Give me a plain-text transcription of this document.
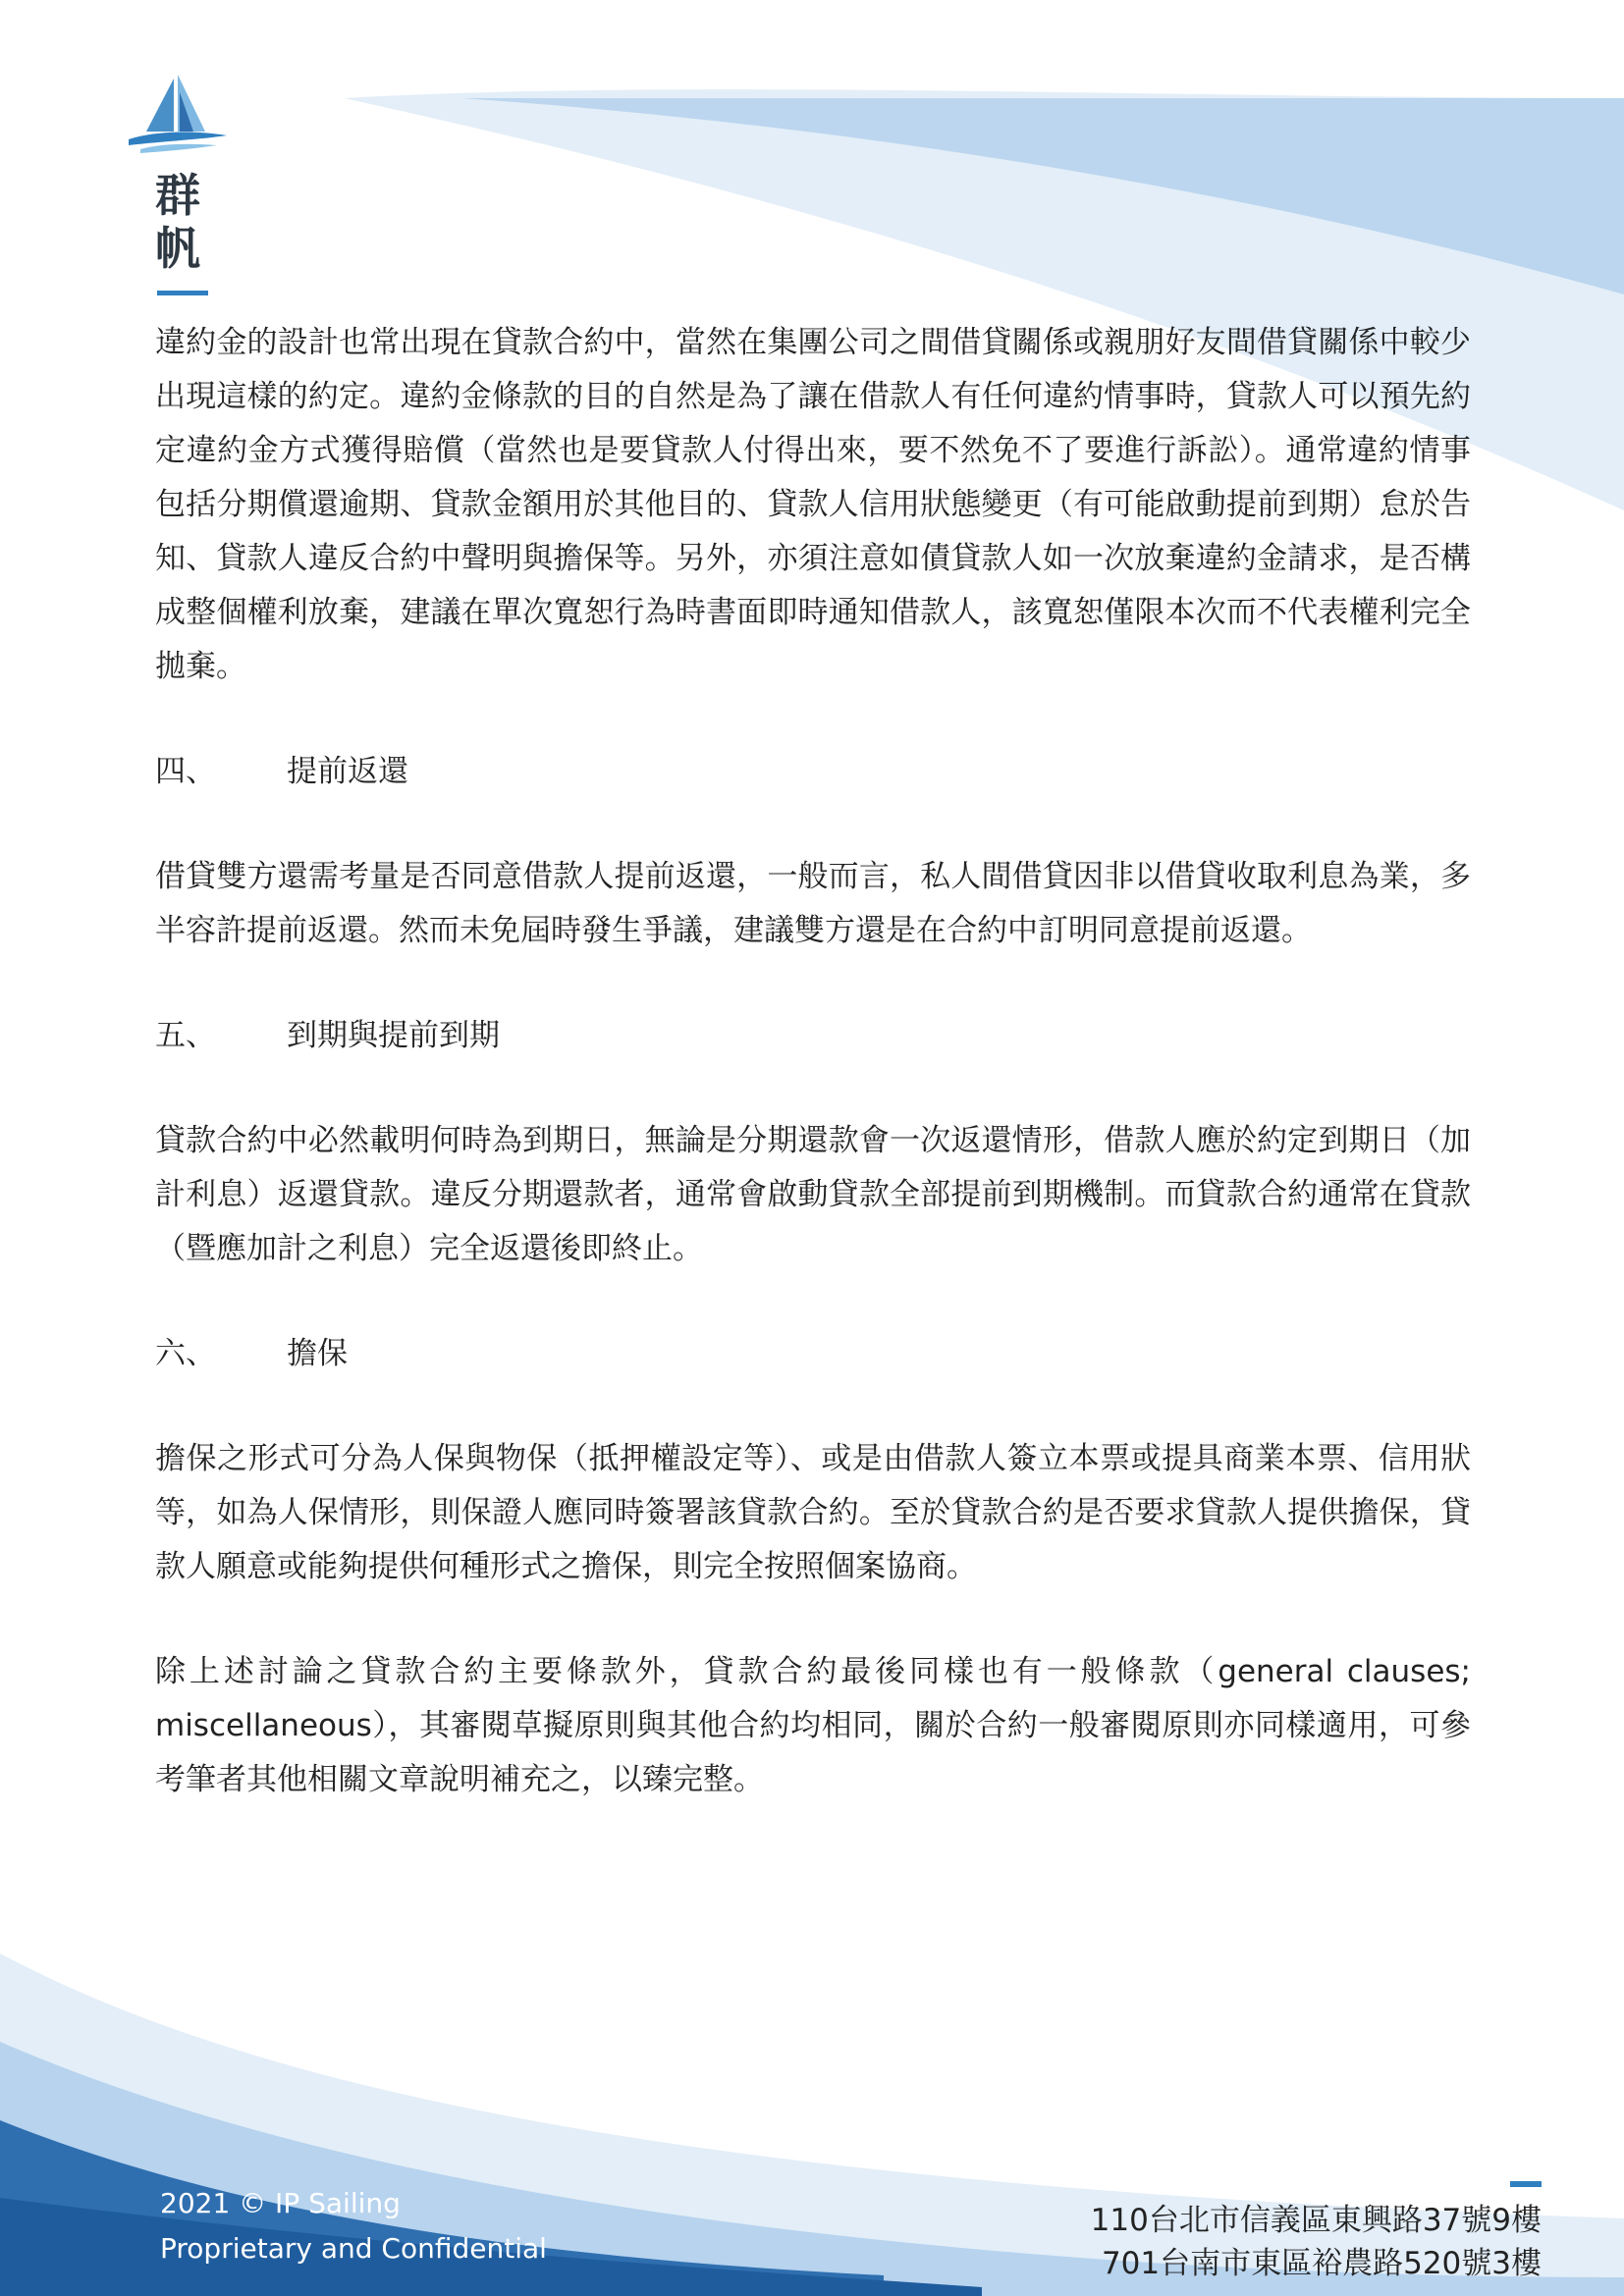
群
帆

違約金的設計也常出現在貸款合約中，當然在集團公司之間借貸關係或親朋好友間借貸關係中較少出現這樣的約定。違約金條款的目的自然是為了讓在借款人有任何違約情事時，貸款人可以預先約定違約金方式獲得賠償（當然也是要貸款人付得出來，要不然免不了要進行訴訟）。通常違約情事包括分期償還逾期、貸款金額用於其他目的、貸款人信用狀態變更（有可能啟動提前到期）怠於告知、貸款人違反合約中聲明與擔保等。另外，亦須注意如債貸款人如一次放棄違約金請求，是否構成整個權利放棄，建議在單次寬恕行為時書面即時通知借款人，該寬恕僅限本次而不代表權利完全拋棄。

四、	提前返還

借貸雙方還需考量是否同意借款人提前返還，一般而言，私人間借貸因非以借貸收取利息為業，多半容許提前返還。然而未免屆時發生爭議，建議雙方還是在合約中訂明同意提前返還。

五、	到期與提前到期

貸款合約中必然載明何時為到期日，無論是分期還款會一次返還情形，借款人應於約定到期日（加計利息）返還貸款。違反分期還款者，通常會啟動貸款全部提前到期機制。而貸款合約通常在貸款（暨應加計之利息）完全返還後即終止。

六、	擔保

擔保之形式可分為人保與物保（抵押權設定等）、或是由借款人簽立本票或提具商業本票、信用狀等，如為人保情形，則保證人應同時簽署該貸款合約。至於貸款合約是否要求貸款人提供擔保，貸款人願意或能夠提供何種形式之擔保，則完全按照個案協商。

除上述討論之貸款合約主要條款外，貸款合約最後同樣也有一般條款（general clauses; miscellaneous），其審閱草擬原則與其他合約均相同，關於合約一般審閱原則亦同樣適用，可參考筆者其他相關文章說明補充之，以臻完整。

2021 © IP Sailing
Proprietary and Confidential
110台北市信義區東興路37號9樓
701台南市東區裕農路520號3樓
